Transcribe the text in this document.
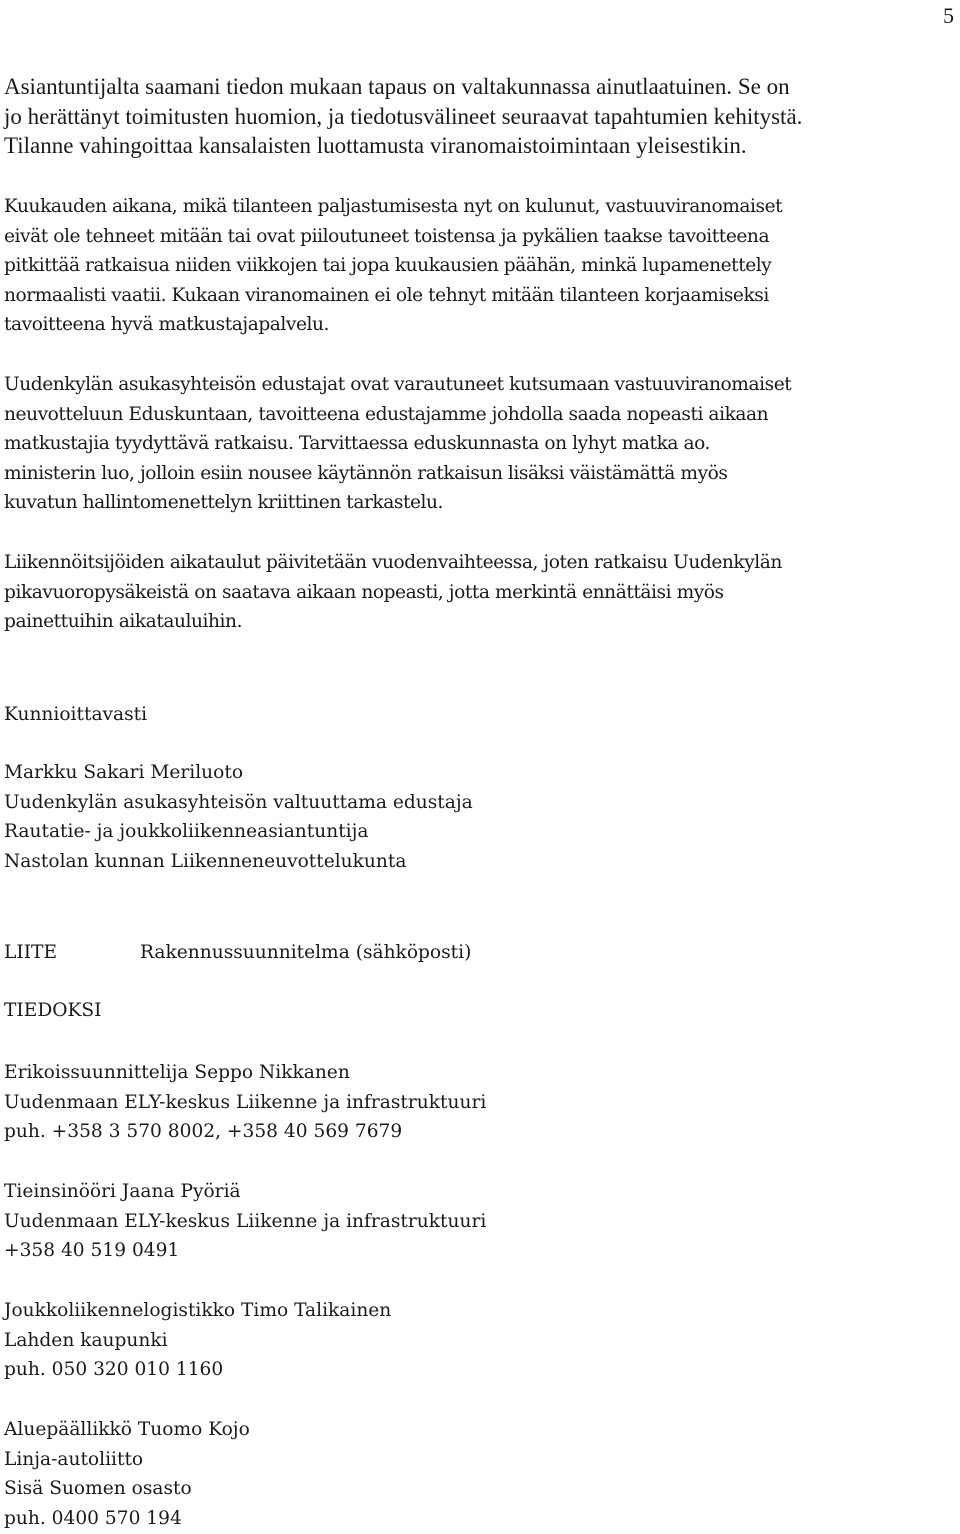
5
Asiantuntijalta saamani tiedon mukaan tapaus on valtakunnassa ainutlaatuinen. Se on
jo herättänyt toimitusten huomion, ja tiedotusvälineet seuraavat tapahtumien kehitystä.
Tilanne vahingoittaa kansalaisten luottamusta viranomaistoimintaan yleisestikin.
Kuukauden aikana, mikä tilanteen paljastumisesta nyt on kulunut, vastuuviranomaiset
eivät ole tehneet mitään tai ovat piiloutuneet toistensa ja pykälien taakse tavoitteena
pitkittää ratkaisua niiden viikkojen tai jopa kuukausien päähän, minkä lupamenettely
normaalisti vaatii. Kukaan viranomainen ei ole tehnyt mitään tilanteen korjaamiseksi
tavoitteena hyvä matkustajapalvelu.
Uudenkylän asukasyhteisön edustajat ovat varautuneet kutsumaan vastuuviranomaiset
neuvotteluun Eduskuntaan, tavoitteena edustajamme johdolla saada nopeasti aikaan
matkustajia tyydyttävä ratkaisu. Tarvittaessa eduskunnasta on lyhyt matka ao.
ministerin luo, jolloin esiin nousee käytännön ratkaisun lisäksi väistämättä myös
kuvatun hallintomenettelyn kriittinen tarkastelu.
Liikennöitsijöiden aikataulut päivitetään vuodenvaihteessa, joten ratkaisu Uudenkylän
pikavuoropysäkeistä on saatava aikaan nopeasti, jotta merkintä ennättäisi myös
painettuihin aikatauluihin.
Kunnioittavasti
Markku Sakari Meriluoto
Uudenkylän asukasyhteisön valtuuttama edustaja
Rautatie- ja joukkoliikenneasiantuntija
Nastolan kunnan Liikenneneuvottelukunta
LIITE	Rakennussuunnitelma (sähköposti)
TIEDOKSI
Erikoissuunnittelija Seppo Nikkanen
Uudenmaan ELY-keskus Liikenne ja infrastruktuuri
puh. +358 3 570 8002, +358 40 569 7679
Tieinsinööri Jaana Pyöriä
Uudenmaan ELY-keskus Liikenne ja infrastruktuuri
+358 40 519 0491
Joukkoliikennelogistikko Timo Talikainen
Lahden kaupunki
puh. 050 320 010 1160
Aluepäällikkö Tuomo Kojo
Linja-autoliitto
Sisä Suomen osasto
puh. 0400 570 194
